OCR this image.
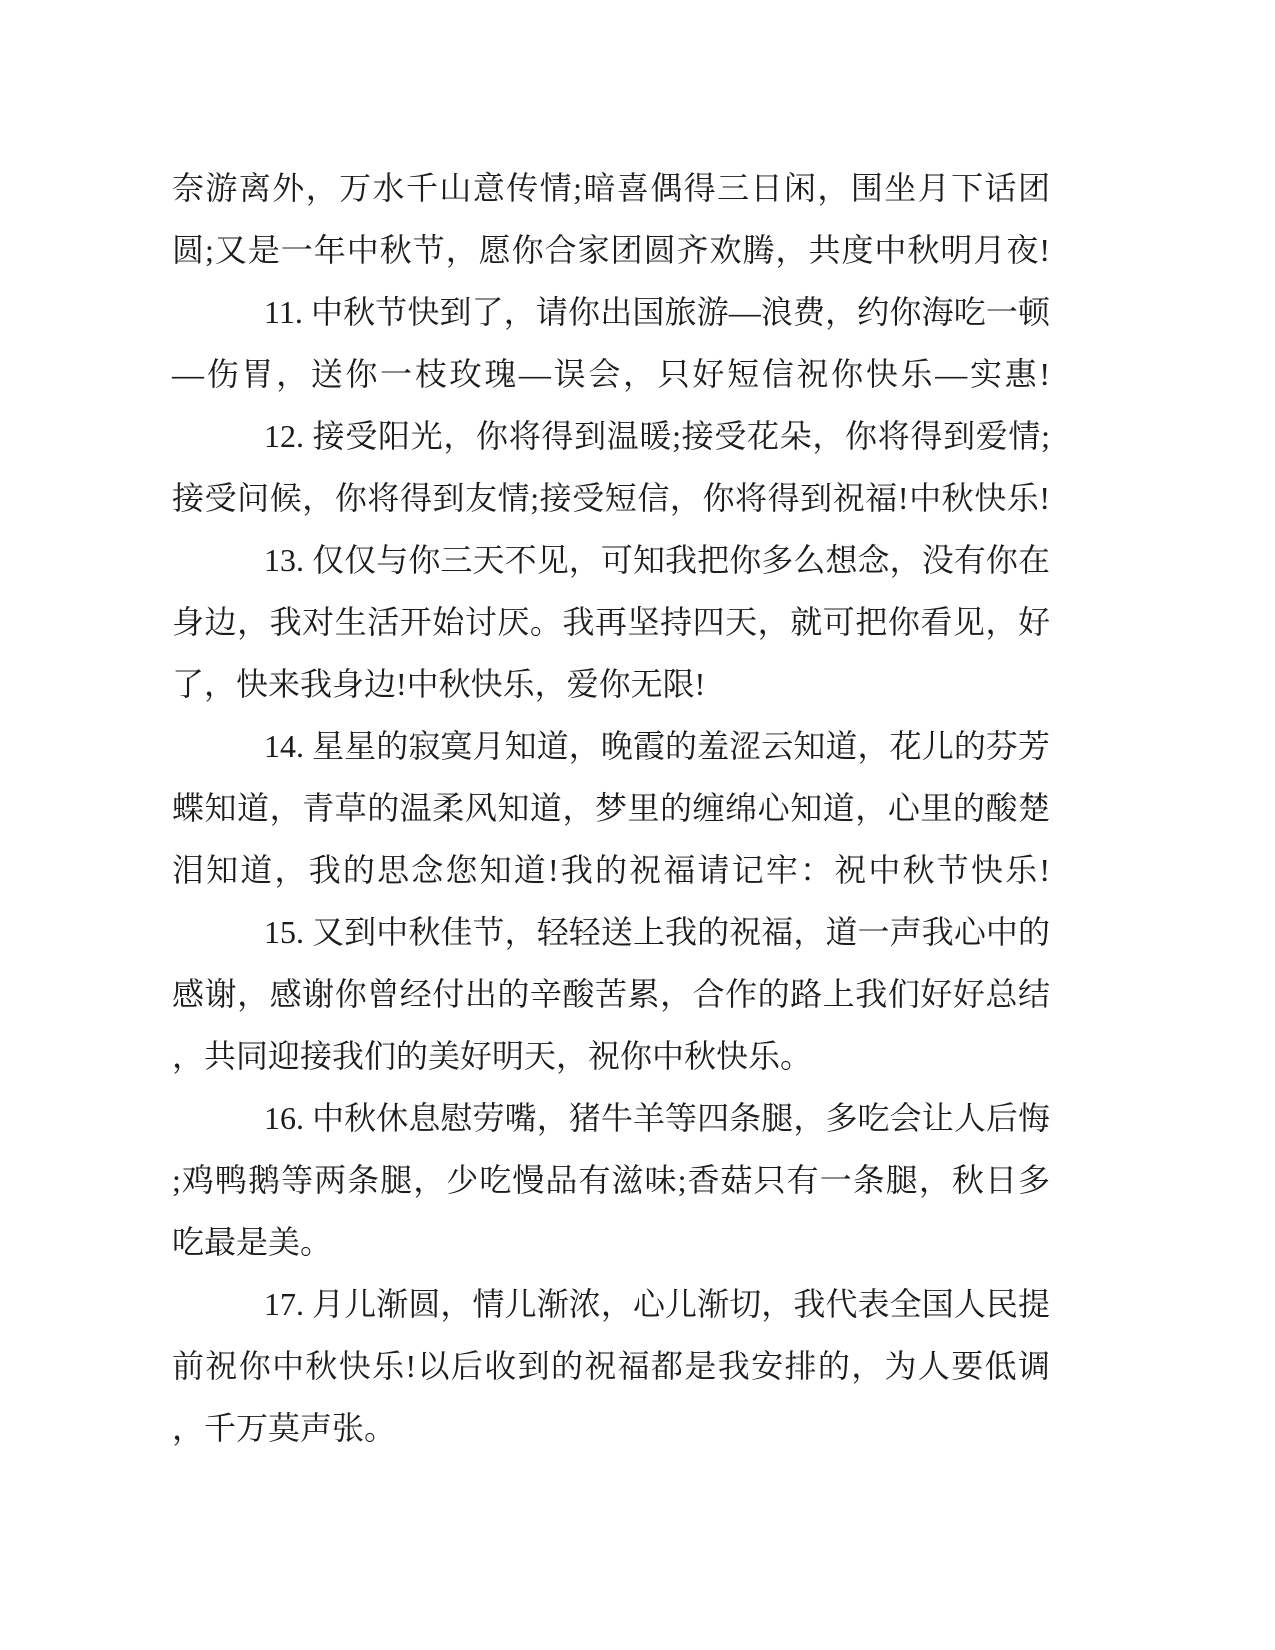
奈游离外，万水千山意传情;暗喜偶得三日闲，围坐月下话团
圆;又是一年中秋节，愿你合家团圆齐欢腾，共度中秋明月夜!
11. 中秋节快到了，请你出国旅游—浪费，约你海吃一顿
—伤胃，送你一枝玫瑰—误会，只好短信祝你快乐—实惠!
12. 接受阳光，你将得到温暖;接受花朵，你将得到爱情;
接受问候，你将得到友情;接受短信，你将得到祝福!中秋快乐!
13. 仅仅与你三天不见，可知我把你多么想念，没有你在
身边，我对生活开始讨厌。我再坚持四天，就可把你看见，好
了，快来我身边!中秋快乐，爱你无限!
14. 星星的寂寞月知道，晚霞的羞涩云知道，花儿的芬芳
蝶知道，青草的温柔风知道，梦里的缠绵心知道，心里的酸楚
泪知道，我的思念您知道!我的祝福请记牢：祝中秋节快乐!
15. 又到中秋佳节，轻轻送上我的祝福，道一声我心中的
感谢，感谢你曾经付出的辛酸苦累，合作的路上我们好好总结
，共同迎接我们的美好明天，祝你中秋快乐。
16. 中秋休息慰劳嘴，猪牛羊等四条腿，多吃会让人后悔
;鸡鸭鹅等两条腿，少吃慢品有滋味;香菇只有一条腿，秋日多
吃最是美。
17. 月儿渐圆，情儿渐浓，心儿渐切，我代表全国人民提
前祝你中秋快乐!以后收到的祝福都是我安排的，为人要低调
，千万莫声张。
